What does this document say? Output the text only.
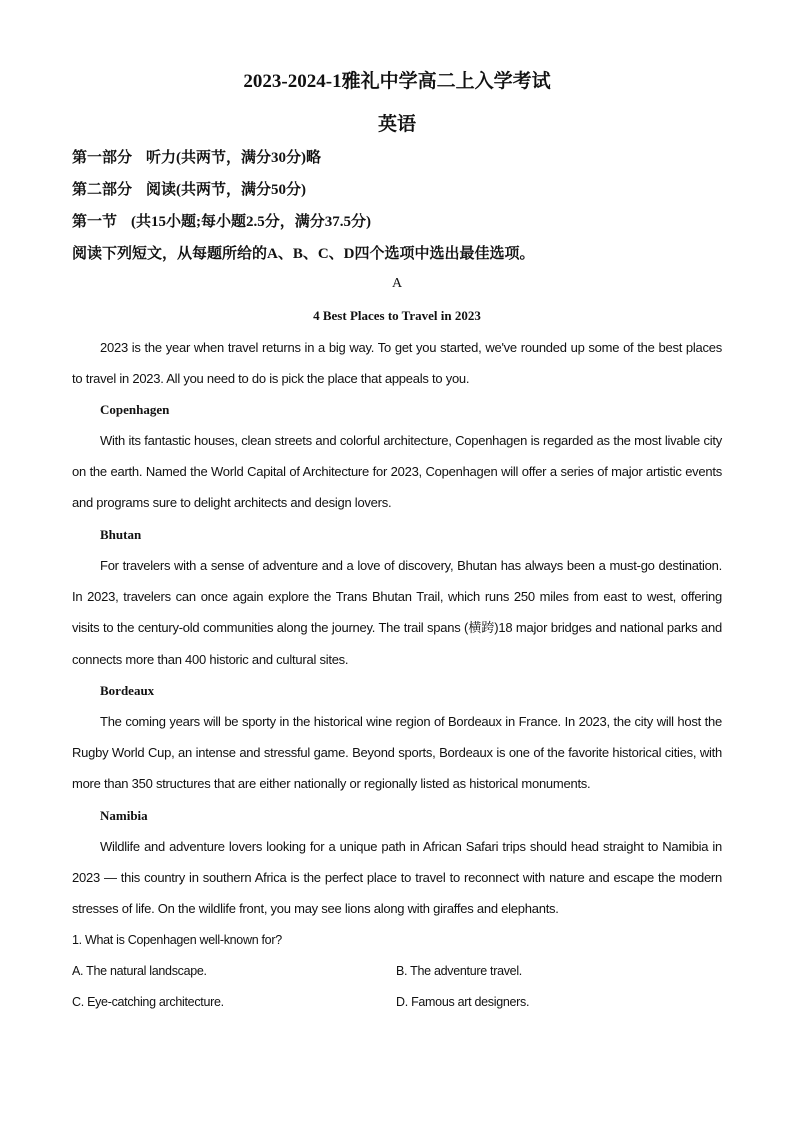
2023-2024-1雅礼中学高二上入学考试
英语
第一部分 听力(共两节，满分30分)略
第二部分 阅读(共两节，满分50分)
第一节 (共15小题;每小题2.5分，满分37.5分)
阅读下列短文，从每题所给的A、B、C、D四个选项中选出最佳选项。
A
4 Best Places to Travel in 2023

2023 is the year when travel returns in a big way. To get you started, we've rounded up some of the best places to travel in 2023. All you need to do is pick the place that appeals to you.

Copenhagen

With its fantastic houses, clean streets and colorful architecture, Copenhagen is regarded as the most livable city on the earth. Named the World Capital of Architecture for 2023, Copenhagen will offer a series of major artistic events and programs sure to delight architects and design lovers.

Bhutan

For travelers with a sense of adventure and a love of discovery, Bhutan has always been a must-go destination. In 2023, travelers can once again explore the Trans Bhutan Trail, which runs 250 miles from east to west, offering visits to the century-old communities along the journey. The trail spans (横跨)18 major bridges and national parks and connects more than 400 historic and cultural sites.

Bordeaux

The coming years will be sporty in the historical wine region of Bordeaux in France. In 2023, the city will host the Rugby World Cup, an intense and stressful game. Beyond sports, Bordeaux is one of the favorite historical cities, with more than 350 structures that are either nationally or regionally listed as historical monuments.

Namibia

Wildlife and adventure lovers looking for a unique path in African Safari trips should head straight to Namibia in 2023 — this country in southern Africa is the perfect place to travel to reconnect with nature and escape the modern stresses of life. On the wildlife front, you may see lions along with giraffes and elephants.

1. What is Copenhagen well-known for?
A. The natural landscape.	B. The adventure travel.
C. Eye-catching architecture.	D. Famous art designers.
